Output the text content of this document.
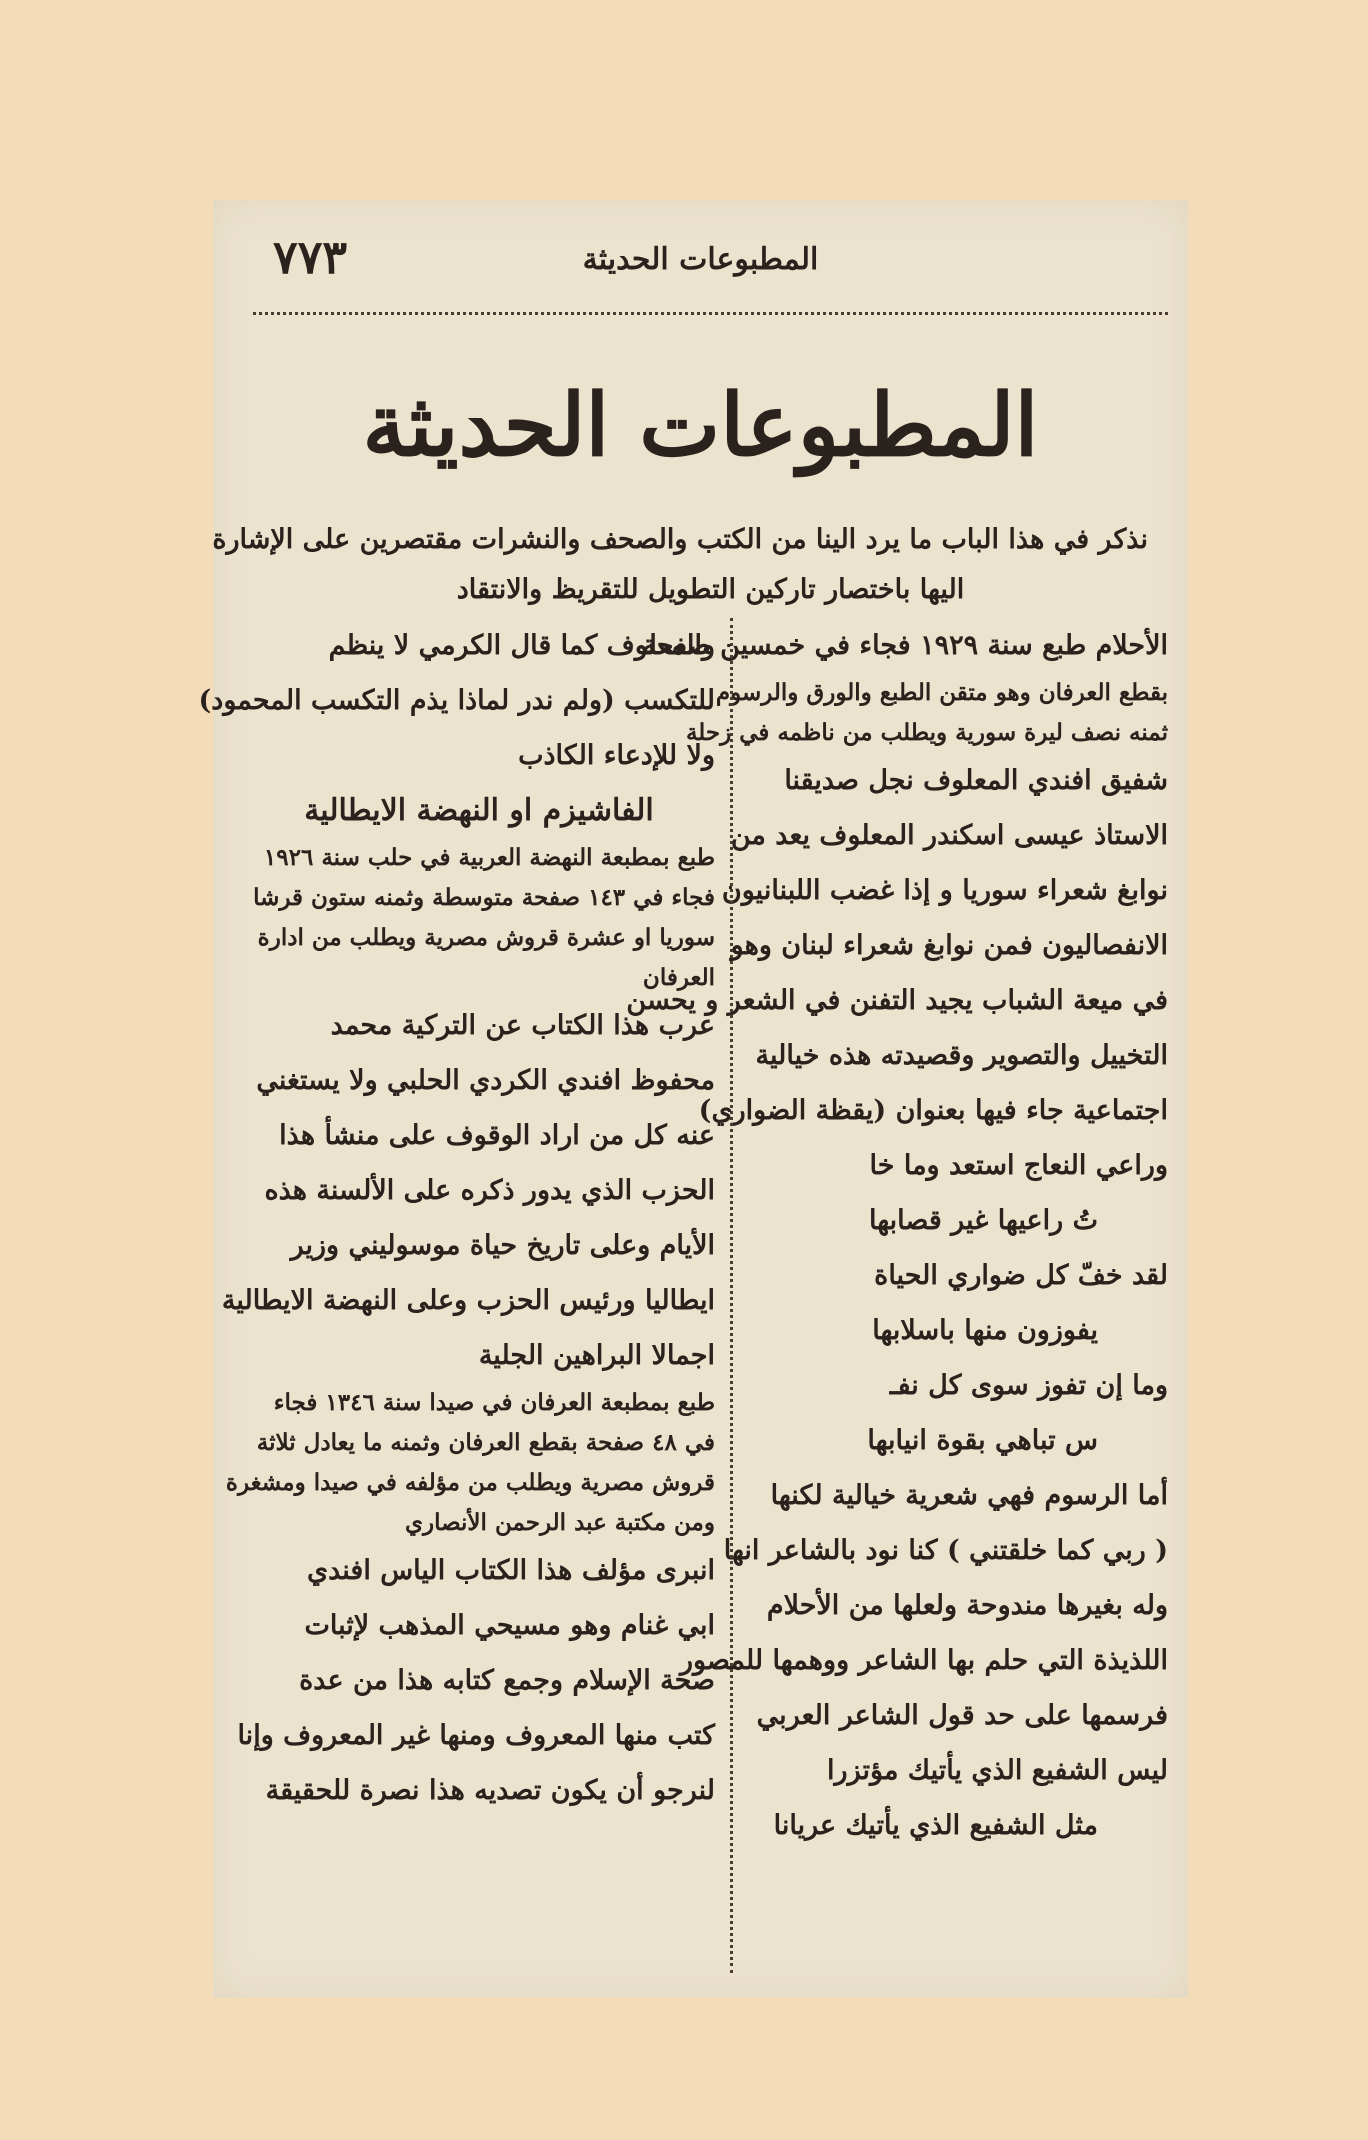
٧٧٣	المطبوعات الحديثة
المطبوعات الحديثة
نذكر في هذا الباب ما يرد الينا من الكتب والصحف والنشرات مقتصرين على الإشارة
اليها باختصار تاركين التطويل للتقريظ والانتقاد
الأحلام طبع سنة ١٩٢٩ فجاء في خمسين صفحة
بقطع العرفان وهو متقن الطبع والورق والرسوم
ثمنه نصف ليرة سورية ويطلب من ناظمه في زحلة
شفيق افندي المعلوف نجل صديقنا
الاستاذ عيسى اسكندر المعلوف يعد من
نوابغ شعراء سوريا و إذا غضب اللبنانيون
الانفصاليون فمن نوابغ شعراء لبنان وهو
في ميعة الشباب يجيد التفنن في الشعر و يحسن
التخييل والتصوير وقصيدته هذه خيالية
اجتماعية جاء فيها بعنوان (يقظة الضواري)
وراعي النعاج استعد وما خا
تُ راعيها غير قصابها
لقد خفّ كل ضواري الحياة
يفوزون منها باسلابها
وما إن تفوز سوى كل نفـ
س تباهي بقوة انيابها
أما الرسوم فهي شعرية خيالية لكنها
( ربي كما خلقتني ) كنا نود بالشاعر انها
وله بغيرها مندوحة ولعلها من الأحلام
اللذيذة التي حلم بها الشاعر ووهمها للمصور
فرسمها على حد قول الشاعر العربي
ليس الشفيع الذي يأتيك مؤتزرا
مثل الشفيع الذي يأتيك عريانا
والمعلوف كما قال الكرمي لا ينظم
للتكسب (ولم ندر لماذا يذم التكسب المحمود)
ولا للإدعاء الكاذب
الفاشيزم او النهضة الايطالية
طبع بمطبعة النهضة العربية في حلب سنة ١٩٢٦
فجاء في ١٤٣ صفحة متوسطة وثمنه ستون قرشا
سوريا او عشرة قروش مصرية ويطلب من ادارة
العرفان
عرب هذا الكتاب عن التركية محمد
محفوظ افندي الكردي الحلبي ولا يستغني
عنه كل من اراد الوقوف على منشأ هذا
الحزب الذي يدور ذكره على الألسنة هذه
الأيام وعلى تاريخ حياة موسوليني وزير
ايطاليا ورئيس الحزب وعلى النهضة الايطالية
اجمالا البراهين الجلية
طبع بمطبعة العرفان في صيدا سنة ١٣٤٦ فجاء
في ٤٨ صفحة بقطع العرفان وثمنه ما يعادل ثلاثة
قروش مصرية ويطلب من مؤلفه في صيدا ومشغرة
ومن مكتبة عبد الرحمن الأنصاري
انبرى مؤلف هذا الكتاب الياس افندي
ابي غنام وهو مسيحي المذهب لإثبات
صحة الإسلام وجمع كتابه هذا من عدة
كتب منها المعروف ومنها غير المعروف وإنا
لنرجو أن يكون تصديه هذا نصرة للحقيقة
